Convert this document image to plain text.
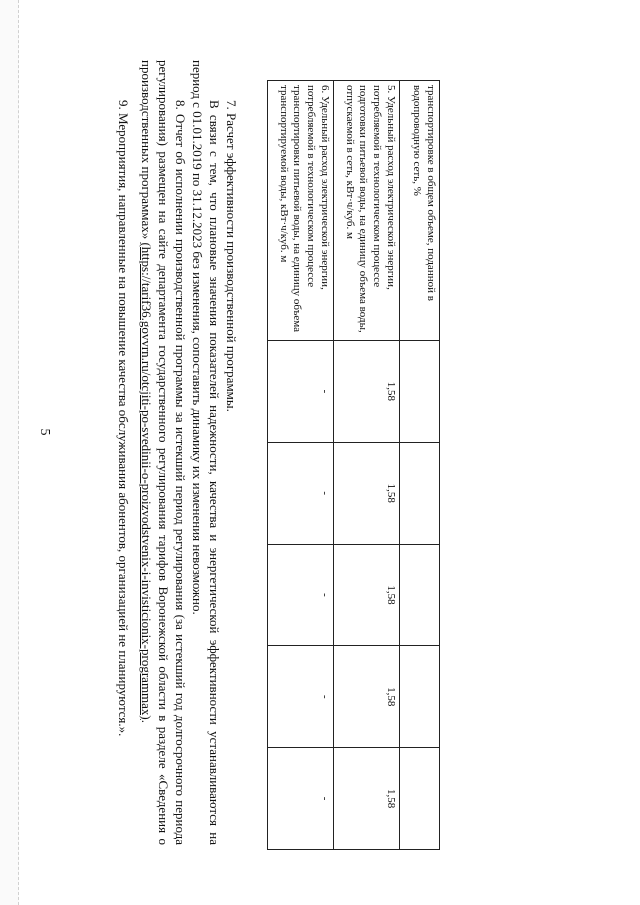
5
транспортировке в общем объеме, поданной в водопроводную сеть, %					
5. Удельный расход электрической энергии, потребляемой в технологическом процессе подготовки питьевой воды, на единицу объема воды, отпускаемой в сеть, кВт·ч/куб. м	1,58	1,58	1,58	1,58	1,58
6. Удельный расход электрической энергии, потребляемой в технологическом процессе транспортировки питьевой воды, на единицу объема транспортируемой воды, кВт·ч/куб. м	-	-	-	-	-

7. Расчет эффективности производственной программы.

В связи с тем, что плановые значения показателей надежности, качества и энергетической эффективности устанавливаются на период с 01.01.2019 по 31.12.2023 без изменения, сопоставить динамику их изменения невозможно.

8. Отчет об исполнении производственной программы за истекший период регулирования (за истекший год долгосрочного периода регулирования) размещен на сайте департамента государственного регулирования тарифов Воронежской области в разделе «Сведения о производственных программах» (https://tarif36.govvrn.ru/otcjiti-po-svedinii-o-proizvodstvenix-i-invisticionix-programmax).

9. Мероприятия, направленные на повышение качества обслуживания абонентов, организацией не планируются.».
